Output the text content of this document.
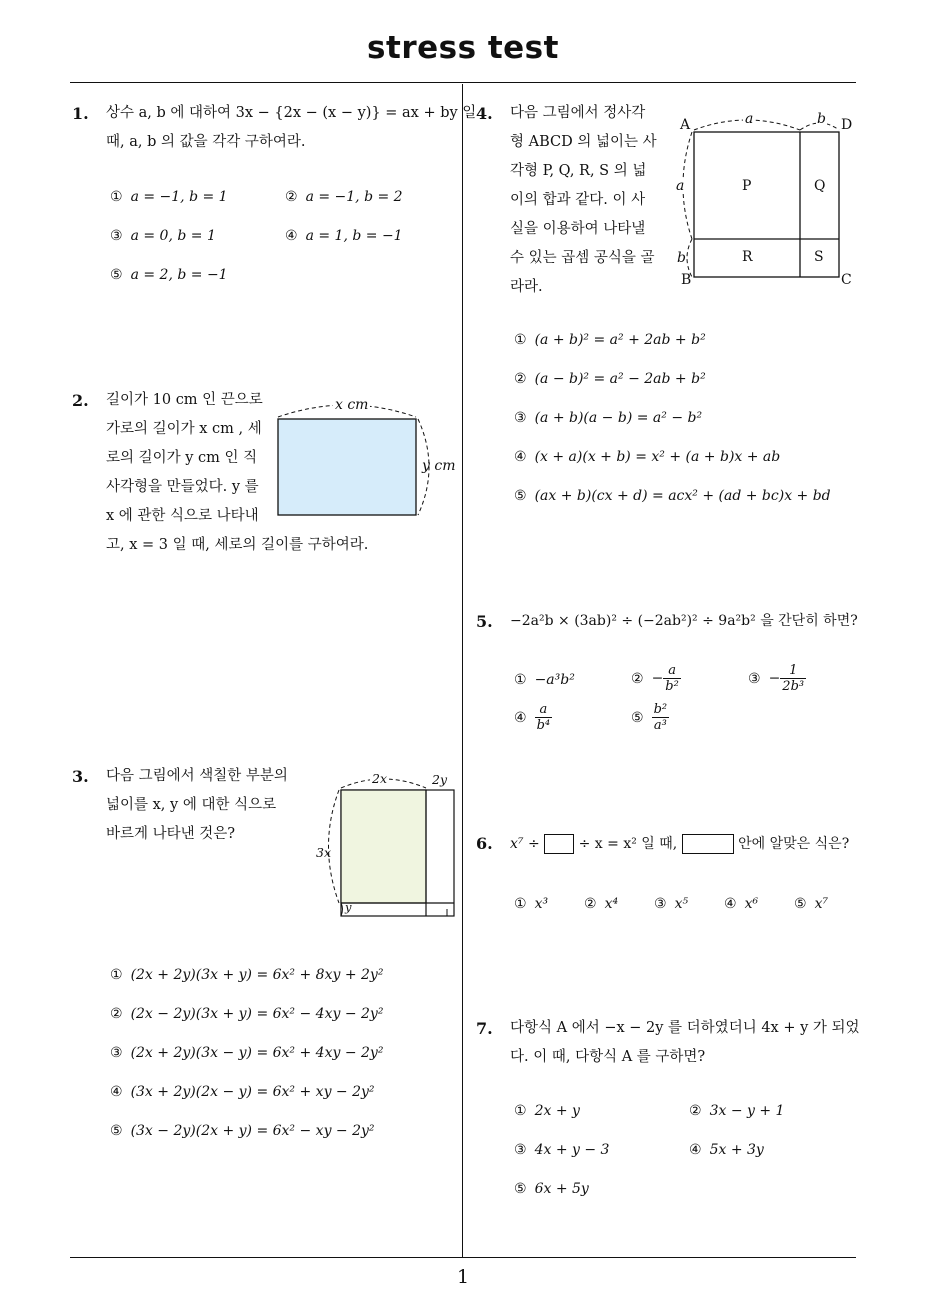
stress test
1
1. 상수 a, b 에 대하여 3x − {2x − (x − y)} = ax + by 일
때, a, b 의 값을 각각 구하여라.
① a = −1, b = 1	② a = −1, b = 2
③ a = 0, b = 1	④ a = 1, b = −1
⑤ a = 2, b = −1
2. 길이가 10 cm 인 끈으로
가로의 길이가 x cm , 세
로의 길이가 y cm 인 직
사각형을 만들었다. y 를
x 에 관한 식으로 나타내
고, x = 3 일 때, 세로의 길이를 구하여라.
x cm
y cm
3. 다음 그림에서 색칠한 부분의
넓이를 x, y 에 대한 식으로
바르게 나타낸 것은?
2x	2y
3x
y
① (2x + 2y)(3x + y) = 6x² + 8xy + 2y²
② (2x − 2y)(3x + y) = 6x² − 4xy − 2y²
③ (2x + 2y)(3x − y) = 6x² + 4xy − 2y²
④ (3x + 2y)(2x − y) = 6x² + xy − 2y²
⑤ (3x − 2y)(2x + y) = 6x² − xy − 2y²
4. 다음 그림에서 정사각
형 ABCD 의 넓이는 사
각형 P, Q, R, S 의 넓
이의 합과 같다. 이 사
실을 이용하여 나타낼
수 있는 곱셈 공식을 골
라라.
A	D
B	C
a	b
a
b
P	Q
R	S
① (a + b)² = a² + 2ab + b²
② (a − b)² = a² − 2ab + b²
③ (a + b)(a − b) = a² − b²
④ (x + a)(x + b) = x² + (a + b)x + ab
⑤ (ax + b)(cx + d) = acx² + (ad + bc)x + bd
5. −2a²b × (3ab)² ÷ (−2ab²)² ÷ 9a²b² 을 간단히 하면?
① −a³b²	② − $\frac{a}{\text{b²}}$	③ − $\frac{1}{\text{2b³}}$
④ $\frac{a}{\text{b⁴}}$	⑤ $\frac{\text{b²}}{\text{a³}}$
6. x⁷ ÷	÷ x = x² 일 때,	안에 알맞은 식은?
① x³	② x⁴	③ x⁵	④ x⁶	⑤ x⁷
7. 다항식 A 에서 −x − 2y 를 더하였더니 4x + y 가 되었
다. 이 때, 다항식 A 를 구하면?
① 2x + y	② 3x − y + 1
③ 4x + y − 3	④ 5x + 3y
⑤ 6x + 5y
